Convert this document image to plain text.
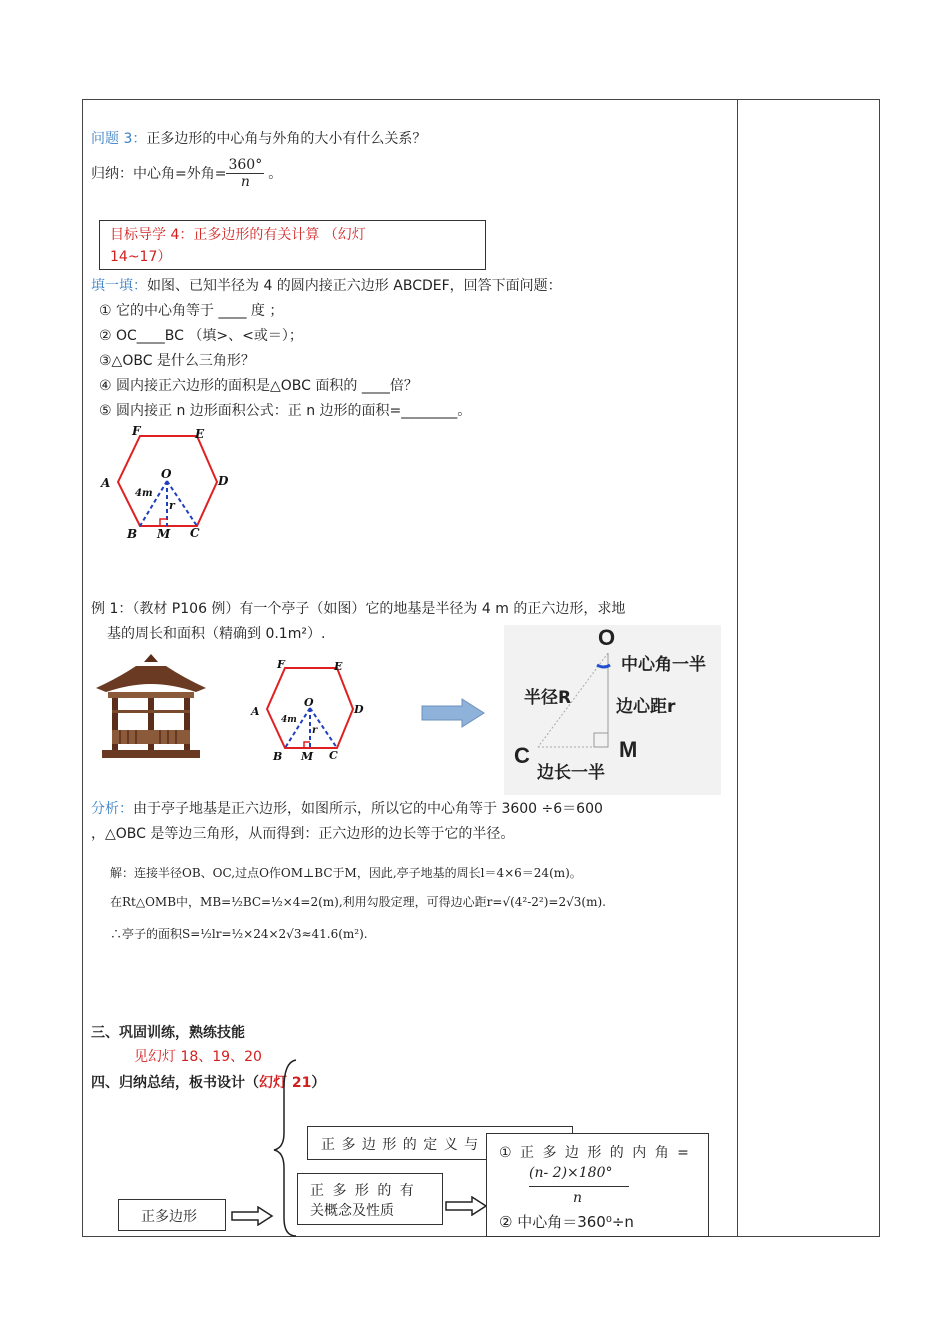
问题 3：正多边形的中心角与外角的大小有什么关系？
归纳：中心角=外角= $\frac{360^\circ}{n}$ 。
目标导学 4：正多边形的有关计算 （幻灯
14~17）
填一填：如图、已知半径为 4 的圆内接正六边形 ABCDEF，回答下面问题：
① 它的中心角等于 ____ 度 ；
② OC____BC （填>、<或＝）；
③△OBC 是什么三角形？
④ 圆内接正六边形的面积是△OBC 面积的 ____倍？
⑤ 圆内接正 n 边形面积公式：正 n 边形的面积=________。
F	E
A	D
O
4m
r
B M C
例 1：（教材 P106 例）有一个亭子（如图）它的地基是半径为 4 m 的正六边形，求地
基的周长和面积（精确到 0.1m²）.
F	E
A	D
O
4m
r
B M C
O
中心角一半
半径R	边心距r
C	M
边长一半
分析：由于亭子地基是正六边形，如图所示，所以它的中心角等于 3600 ÷6＝600
，△OBC 是等边三角形，从而得到：正六边形的边长等于它的半径。
解：连接半径OB、OC,过点O作OM⊥BC于M，因此,亭子地基的周长l＝4×6＝24(m)。
在Rt△OMB中，MB=½BC=½×4=2(m),利用勾股定理，可得边心距r=√(4²-2²)=2√3(m).
∴亭子的面积S=½lr=½×24×2√3≈41.6(m²).
三、巩固训练，熟练技能
见幻灯 18、19、20
四、归纳总结，板书设计（幻灯 21）
正 多 边 形 的 定 义 与
正 多 形 的 有
关概念及性质
正多边形
① 正 多 边 形 的 内 角 =
(n- 2)×180°
n
② 中心角＝360⁰÷n
